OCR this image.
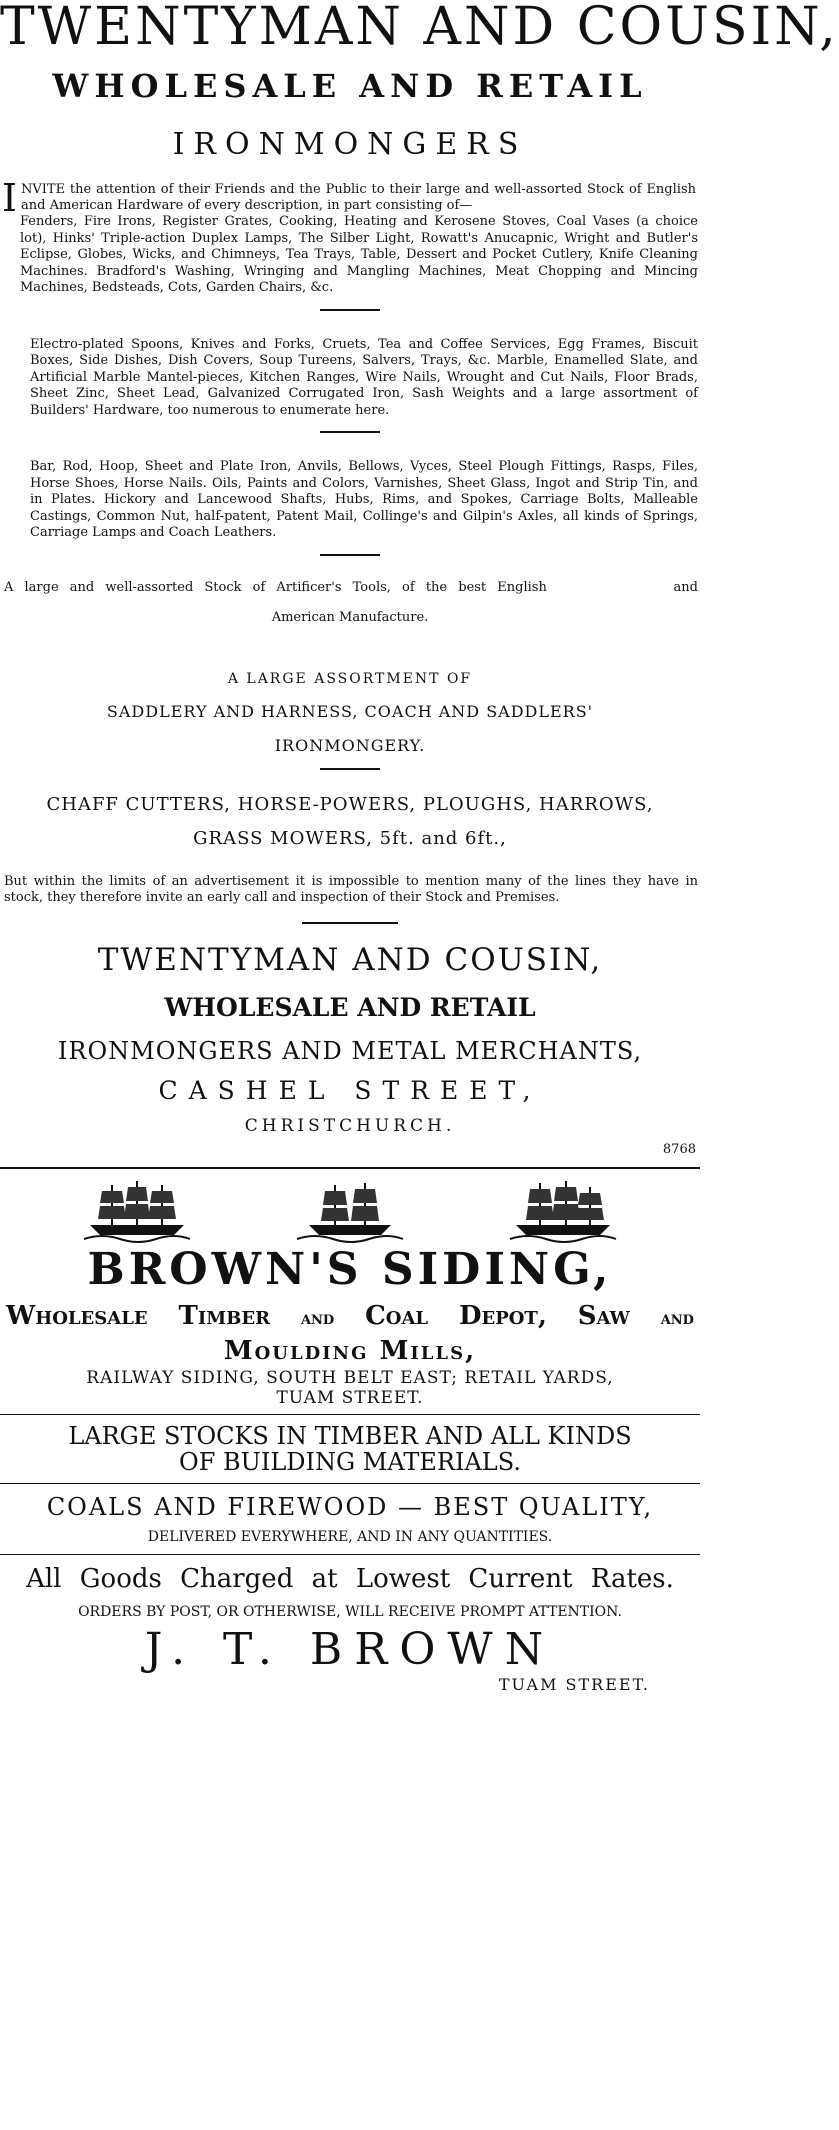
TWENTYMAN AND COUSIN,
WHOLESALE AND RETAIL
IRONMONGERS

I NVITE the attention of their Friends and the Public to their large and well-assorted Stock of English and American Hardware of every description, in part consisting of—

Fenders, Fire Irons, Register Grates, Cooking, Heating and Kerosene Stoves, Coal Vases (a choice lot), Hinks' Triple-action Duplex Lamps, The Silber Light, Rowatt's Anucapnic, Wright and Butler's Eclipse, Globes, Wicks, and Chimneys, Tea Trays, Table, Dessert and Pocket Cutlery, Knife Cleaning Machines. Bradford's Washing, Wringing and Mangling Machines, Meat Chopping and Mincing Machines, Bedsteads, Cots, Garden Chairs, &c.

Electro-plated Spoons, Knives and Forks, Cruets, Tea and Coffee Services, Egg Frames, Biscuit Boxes, Side Dishes, Dish Covers, Soup Tureens, Salvers, Trays, &c. Marble, Enamelled Slate, and Artificial Marble Mantel-pieces, Kitchen Ranges, Wire Nails, Wrought and Cut Nails, Floor Brads, Sheet Zinc, Sheet Lead, Galvanized Corrugated Iron, Sash Weights and a large assortment of Builders' Hardware, too numerous to enumerate here.

Bar, Rod, Hoop, Sheet and Plate Iron, Anvils, Bellows, Vyces, Steel Plough Fittings, Rasps, Files, Horse Shoes, Horse Nails. Oils, Paints and Colors, Varnishes, Sheet Glass, Ingot and Strip Tin, and in Plates. Hickory and Lancewood Shafts, Hubs, Rims, and Spokes, Carriage Bolts, Malleable Castings, Common Nut, half-patent, Patent Mail, Collinge's and Gilpin's Axles, all kinds of Springs, Carriage Lamps and Coach Leathers.

A large and well-assorted Stock of Artificer's Tools, of the best English	and
American Manufacture.
A LARGE ASSORTMENT OF
SADDLERY AND HARNESS, COACH AND SADDLERS'
IRONMONGERY.
CHAFF CUTTERS, HORSE-POWERS, PLOUGHS, HARROWS,
GRASS MOWERS, 5ft. and 6ft.,

But within the limits of an advertisement it is impossible to mention many of the lines they have in stock, they therefore invite an early call and inspection of their Stock and Premises.

TWENTYMAN AND COUSIN,
WHOLESALE AND RETAIL
IRONMONGERS AND METAL MERCHANTS,
CASHEL STREET,
CHRISTCHURCH.
8768
BROWN'S SIDING,
Wholesale Timber and Coal Depot, Saw and
Moulding Mills,
RAILWAY SIDING, SOUTH BELT EAST; RETAIL YARDS,
TUAM STREET.
LARGE STOCKS IN TIMBER AND ALL KINDS
OF BUILDING MATERIALS.
COALS AND FIREWOOD — BEST QUALITY,
DELIVERED EVERYWHERE, AND IN ANY QUANTITIES.
All Goods Charged at Lowest Current Rates.
ORDERS BY POST, OR OTHERWISE, WILL RECEIVE PROMPT ATTENTION.
J. T. BROWN
TUAM STREET.
